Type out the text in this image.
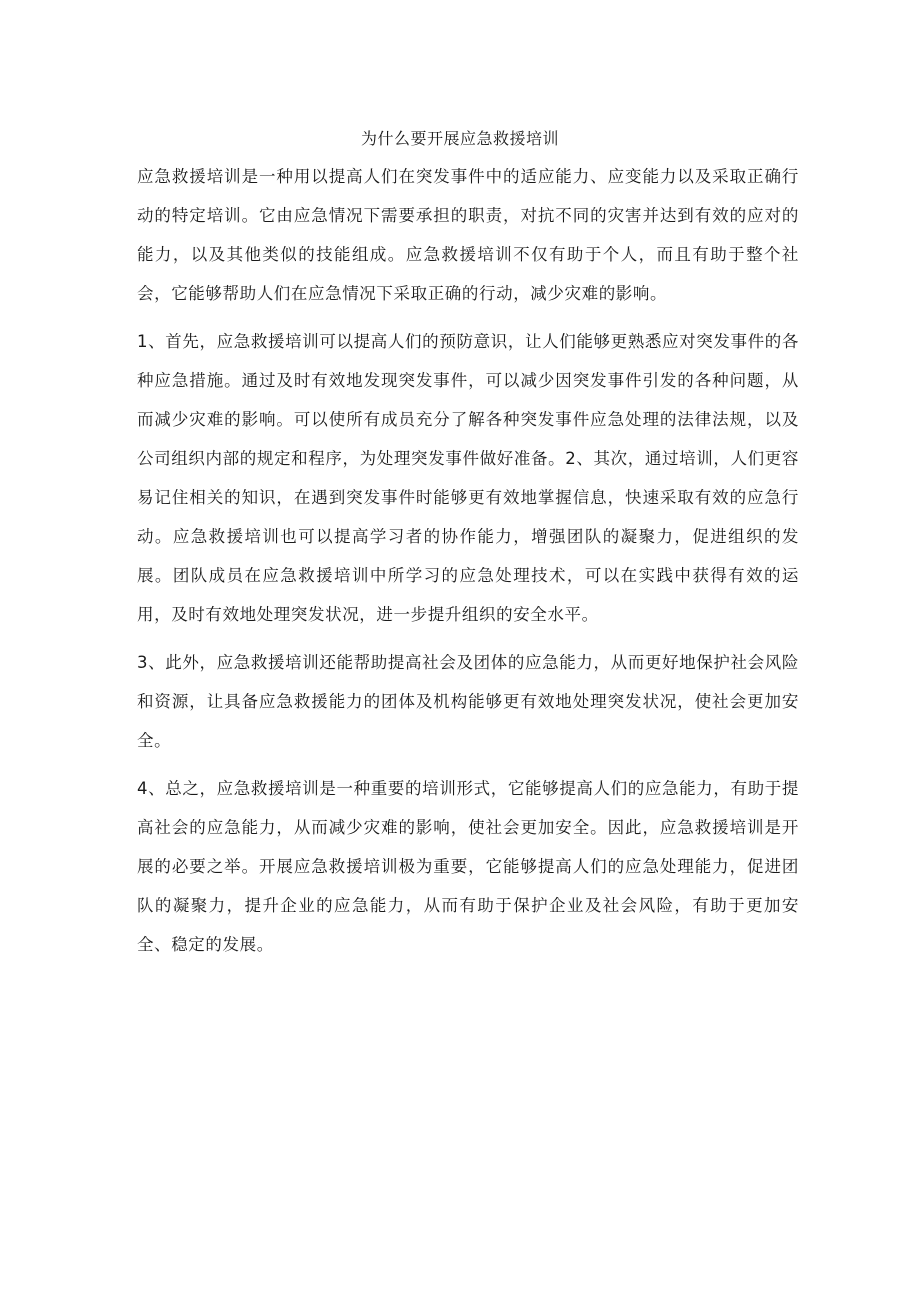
为什么要开展应急救援培训

应急救援培训是一种用以提高人们在突发事件中的适应能力、应变能力以及采取正确行动的特定培训。它由应急情况下需要承担的职责，对抗不同的灾害并达到有效的应对的能力，以及其他类似的技能组成。应急救援培训不仅有助于个人，而且有助于整个社会，它能够帮助人们在应急情况下采取正确的行动，减少灾难的影响。

1、首先，应急救援培训可以提高人们的预防意识，让人们能够更熟悉应对突发事件的各种应急措施。通过及时有效地发现突发事件，可以减少因突发事件引发的各种问题，从而减少灾难的影响。可以使所有成员充分了解各种突发事件应急处理的法律法规，以及公司组织内部的规定和程序，为处理突发事件做好准备。2、其次，通过培训，人们更容易记住相关的知识，在遇到突发事件时能够更有效地掌握信息，快速采取有效的应急行动。应急救援培训也可以提高学习者的协作能力，增强团队的凝聚力，促进组织的发展。团队成员在应急救援培训中所学习的应急处理技术，可以在实践中获得有效的运用，及时有效地处理突发状况，进一步提升组织的安全水平。

3、此外，应急救援培训还能帮助提高社会及团体的应急能力，从而更好地保护社会风险和资源，让具备应急救援能力的团体及机构能够更有效地处理突发状况，使社会更加安全。

4、总之，应急救援培训是一种重要的培训形式，它能够提高人们的应急能力，有助于提高社会的应急能力，从而减少灾难的影响，使社会更加安全。因此，应急救援培训是开展的必要之举。开展应急救援培训极为重要，它能够提高人们的应急处理能力，促进团队的凝聚力，提升企业的应急能力，从而有助于保护企业及社会风险，有助于更加安全、稳定的发展。
